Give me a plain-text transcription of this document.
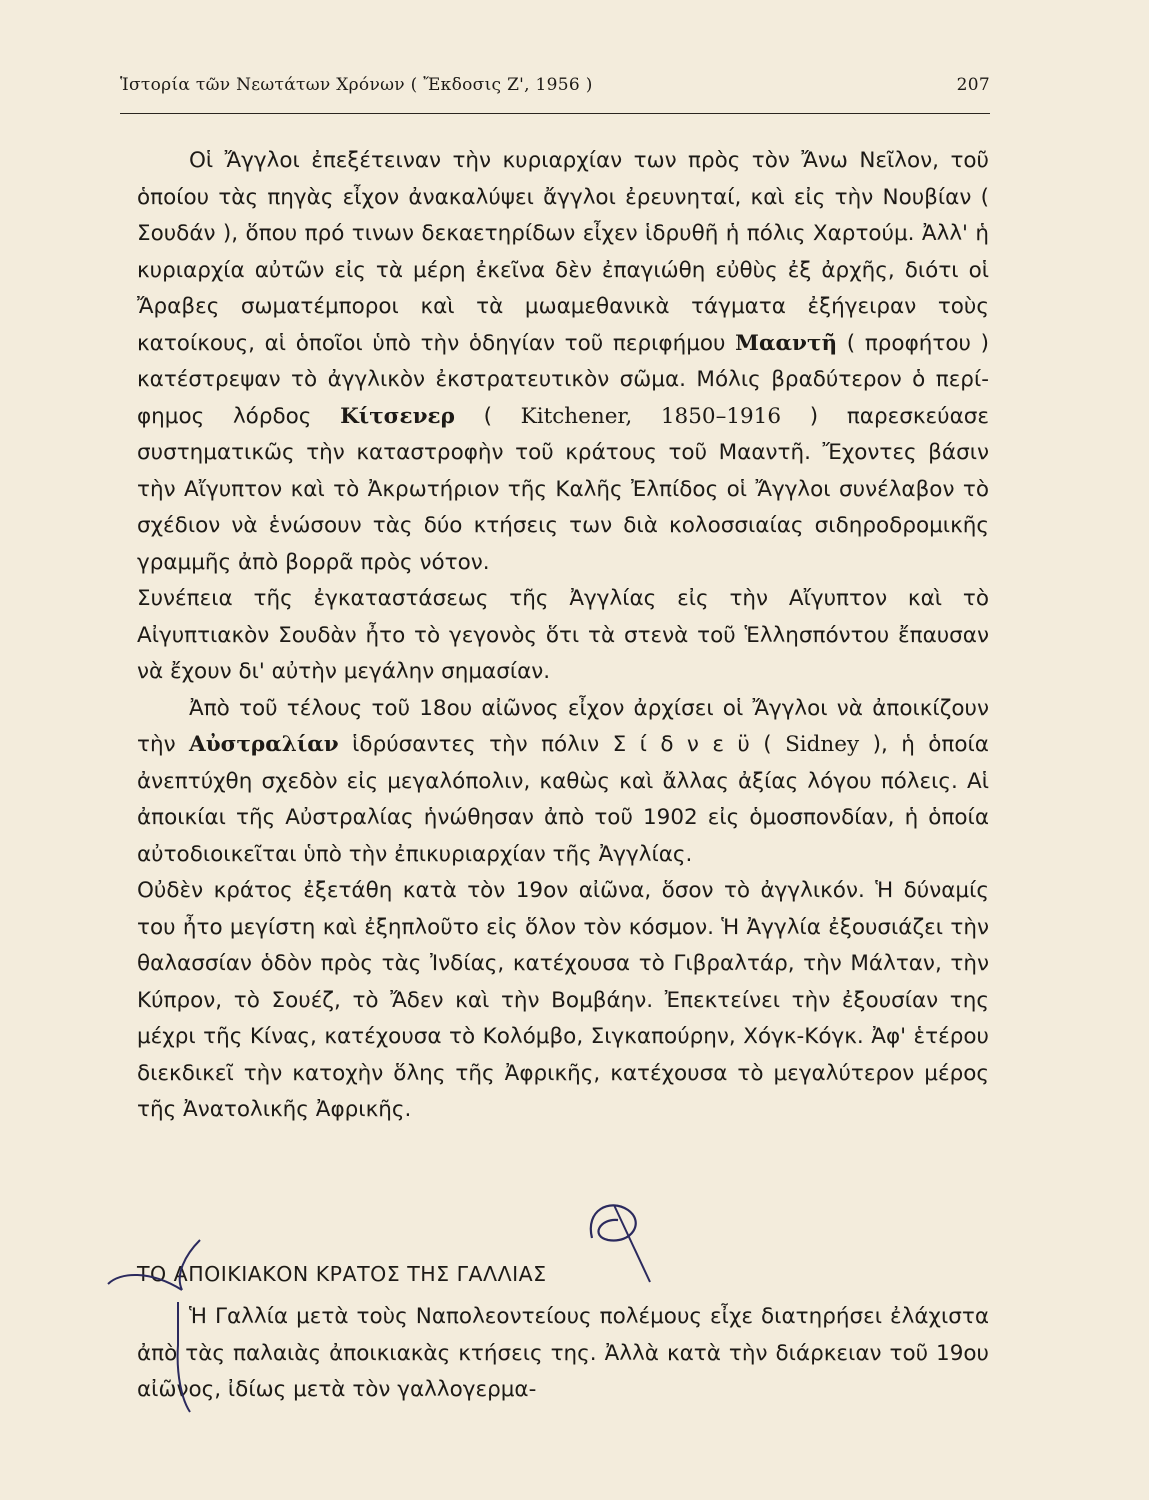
Ἱστορία τῶν Νεωτάτων Χρόνων ( Ἔκδοσις Ζ', 1956 )	207

Οἱ Ἄγγλοι ἐπεξέτειναν τὴν κυριαρχίαν των πρὸς τὸν Ἄνω Νεῖλον, τοῦ ὁποίου τὰς πηγὰς εἶχον ἀνακαλύψει ἄγγλοι ἐρευνηταί, καὶ εἰς τὴν Νουβίαν ( Σουδάν ), ὅπου πρό τινων δεκαετηρίδων εἶχεν ἱδρυθῆ ἡ πόλις Χαρτούμ. Ἀλλ' ἡ κυριαρχία αὐτῶν εἰς τὰ μέρη ἐκεῖνα δὲν ἐπαγιώθη εὐθὺς ἐξ ἀρχῆς, διότι οἱ Ἄραβες σωματέμποροι καὶ τὰ μωαμεθανικὰ τάγματα ἐξήγειραν τοὺς κατοίκους, αἱ ὁποῖοι ὑπὸ τὴν ὁδηγίαν τοῦ περιφήμου Μααντῆ ( προφήτου ) κατέστρεψαν τὸ ἀγγλικὸν ἐκστρατευτικὸν σῶμα. Μόλις βραδύτερον ὁ περίφημος λόρδος Κίτσενερ ( Kitchener, 1850–1916 ) παρεσκεύασε συστηματικῶς τὴν καταστροφὴν τοῦ κράτους τοῦ Μααντῆ. Ἔχοντες βάσιν τὴν Αἴγυπτον καὶ τὸ Ἀκρωτήριον τῆς Καλῆς Ἐλπίδος οἱ Ἄγγλοι συνέλαβον τὸ σχέδιον νὰ ἑνώσουν τὰς δύο κτήσεις των διὰ κολοσσιαίας σιδηροδρομικῆς γραμμῆς ἀπὸ βορρᾶ πρὸς νότον.

Συνέπεια τῆς ἐγκαταστάσεως τῆς Ἀγγλίας εἰς τὴν Αἴγυπτον καὶ τὸ Αἰγυπτιακὸν Σουδὰν ἦτο τὸ γεγονὸς ὅτι τὰ στενὰ τοῦ Ἑλλησπόντου ἔπαυσαν νὰ ἔχουν δι' αὐτὴν μεγάλην σημασίαν.

Ἀπὸ τοῦ τέλους τοῦ 18ου αἰῶνος εἶχον ἀρχίσει οἱ Ἄγγλοι νὰ ἀποικίζουν τὴν Αὐστραλίαν ἱδρύσαντες τὴν πόλιν Σ ί δ ν ε ϋ ( Sidney ), ἡ ὁποία ἀνεπτύχθη σχεδὸν εἰς μεγαλόπολιν, καθὼς καὶ ἄλλας ἀξίας λόγου πόλεις. Αἱ ἀποικίαι τῆς Αὐστραλίας ἡνώθησαν ἀπὸ τοῦ 1902 εἰς ὁμοσπονδίαν, ἡ ὁποία αὐτοδιοικεῖται ὑπὸ τὴν ἐπικυριαρχίαν τῆς Ἀγγλίας.

Οὐδὲν κράτος ἐξετάθη κατὰ τὸν 19ον αἰῶνα, ὅσον τὸ ἀγγλικόν. Ἡ δύναμίς του ἦτο μεγίστη καὶ ἐξηπλοῦτο εἰς ὅλον τὸν κόσμον. Ἡ Ἀγγλία ἐξουσιάζει τὴν θαλασσίαν ὁδὸν πρὸς τὰς Ἰνδίας, κατέχουσα τὸ Γιβραλτάρ, τὴν Μάλταν, τὴν Κύπρον, τὸ Σουέζ, τὸ Ἄδεν καὶ τὴν Βομβάην. Ἐπεκτείνει τὴν ἐξουσίαν της μέχρι τῆς Κίνας, κατέχουσα τὸ Κολόμβο, Σιγκαπούρην, Χόγκ-Κόγκ. Ἀφ' ἑτέρου διεκδικεῖ τὴν κατοχὴν ὅλης τῆς Ἀφρικῆς, κατέχουσα τὸ μεγαλύτερον μέρος τῆς Ἀνατολικῆς Ἀφρικῆς.

ΤΟ ΑΠΟΙΚΙΑΚΟΝ ΚΡΑΤΟΣ ΤΗΣ ΓΑΛΛΙΑΣ

Ἡ Γαλλία μετὰ τοὺς Ναπολεοντείους πολέμους εἶχε διατηρήσει ἐλάχιστα ἀπὸ τὰς παλαιὰς ἀποικιακὰς κτήσεις της. Ἀλλὰ κατὰ τὴν διάρκειαν τοῦ 19ου αἰῶνος, ἰδίως μετὰ τὸν γαλλογερμα-
